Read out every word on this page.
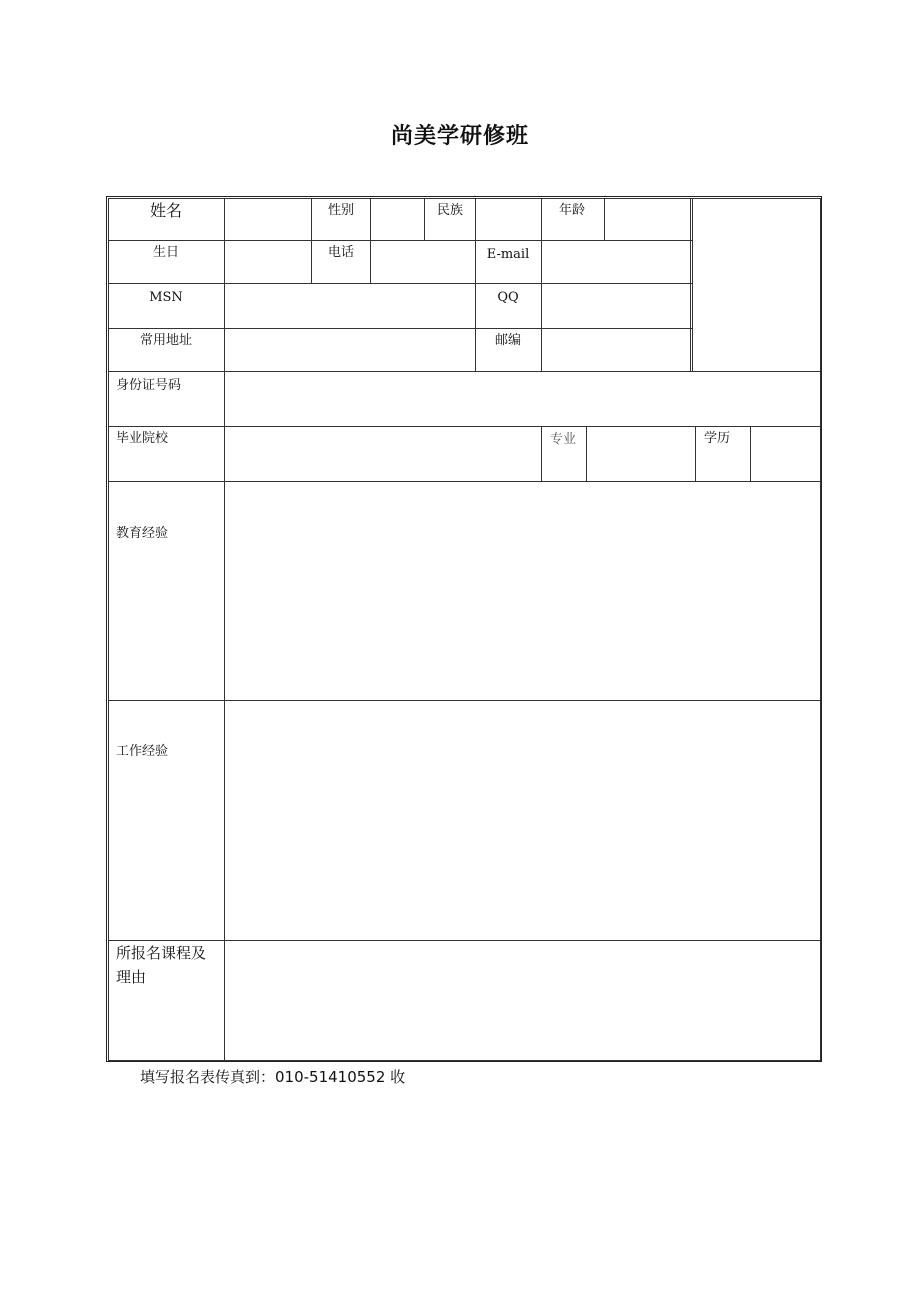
尚美学研修班
姓名	性别	民族	年龄
生日	电话	E-mail
MSN	QQ
常用地址	邮编
身份证号码
毕业院校	专业	学历
教育经验
工作经验
所报名课程及理由
填写报名表传真到：010-51410552 收
